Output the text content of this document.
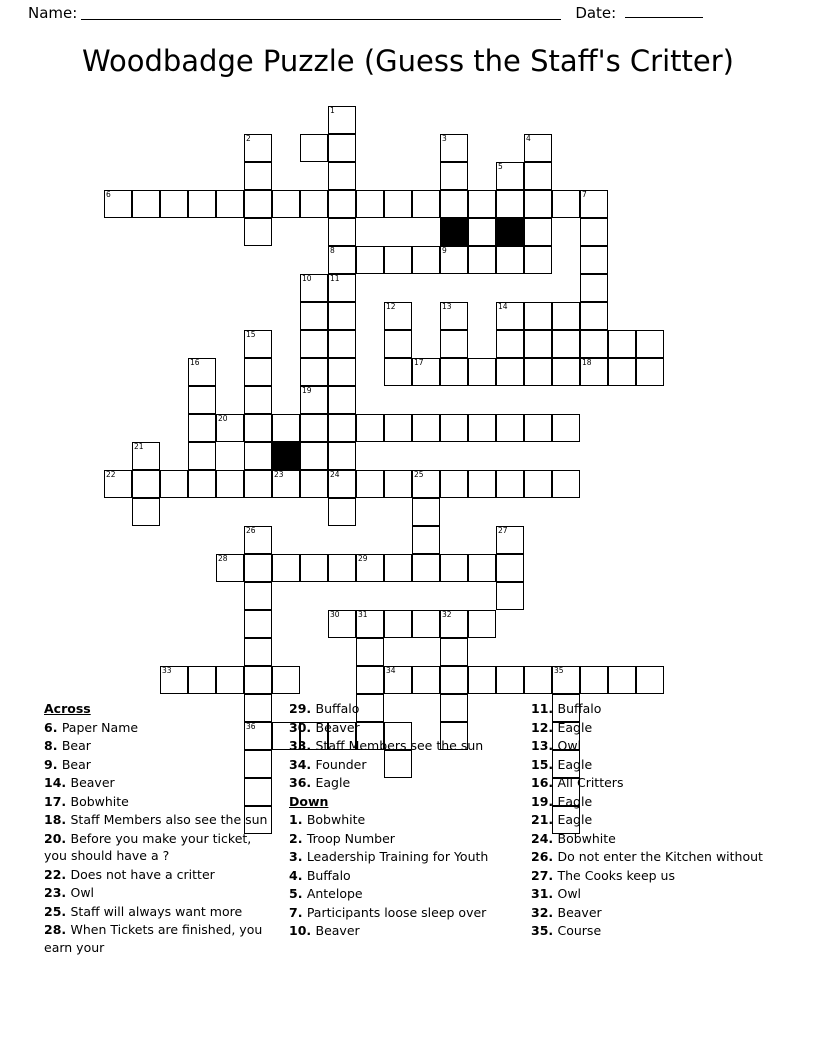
Name:	Date:
Woodbadge Puzzle (Guess the Staff's Critter)
1
2	3	4
5
6	7
8	9
10 11
12	13	14
15
16	17	18
19
20
21
22	23	24	25
26	27
28	29
30 31	32
33	34	35
36
Across
6. Paper Name
8. Bear
9. Bear
14. Beaver
17. Bobwhite
18. Staff Members also see the sun
20. Before you make your ticket, you should have a ?
22. Does not have a critter
23. Owl
25. Staff will always want more
28. When Tickets are finished, you earn your
29. Buffalo
30. Beaver
33. Staff Members see the sun
34. Founder
36. Eagle
Down
1. Bobwhite
2. Troop Number
3. Leadership Training for Youth
4. Buffalo
5. Antelope
7. Participants loose sleep over
10. Beaver
11. Buffalo
12. Eagle
13. Owl
15. Eagle
16. All Critters
19. Eagle
21. Eagle
24. Bobwhite
26. Do not enter the Kitchen without
27. The Cooks keep us
31. Owl
32. Beaver
35. Course
